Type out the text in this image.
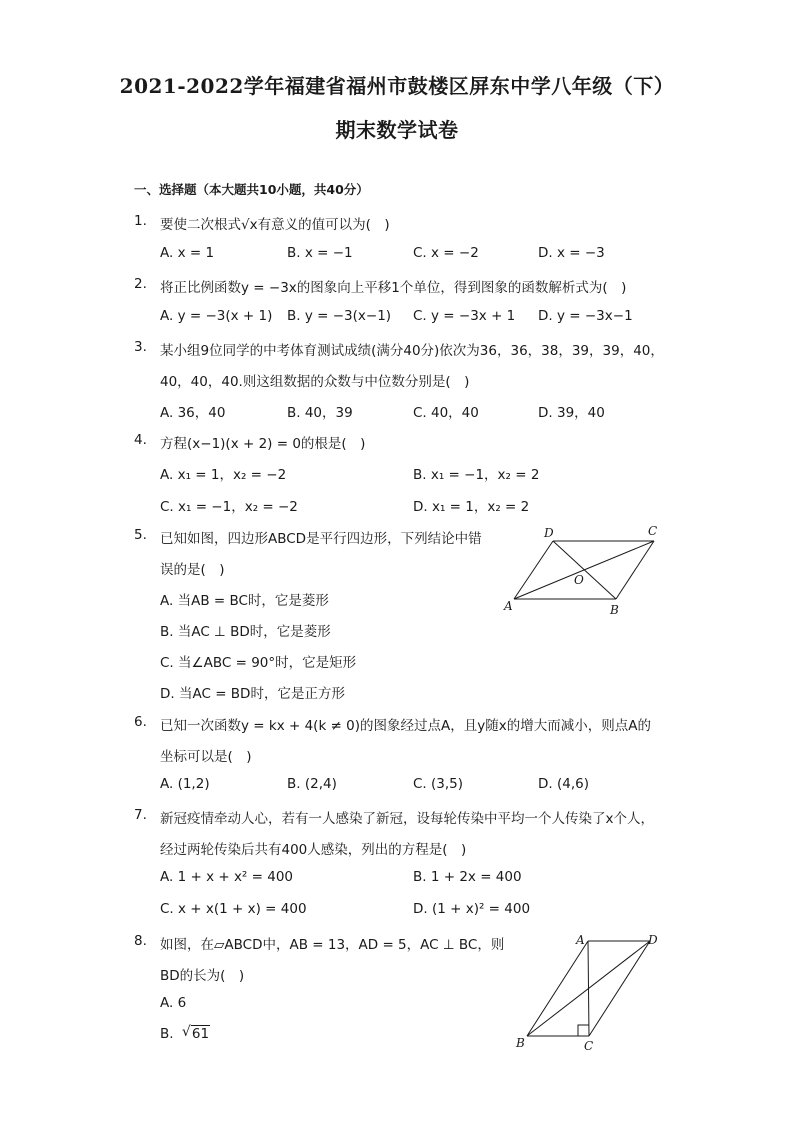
2021-2022学年福建省福州市鼓楼区屏东中学八年级（下）
期末数学试卷
一、选择题（本大题共10小题，共40分）
1. 要使二次根式√x有意义的值可以为(　)
A. x = 1	B. x = −1	C. x = −2	D. x = −3
2. 将正比例函数y = −3x的图象向上平移1个单位，得到图象的函数解析式为(　)
A. y = −3(x + 1) B. y = −3(x−1) C. y = −3x + 1 D. y = −3x−1
3. 某小组9位同学的中考体育测试成绩(满分40分)依次为36，36，38，39，39，40，
40，40，40.则这组数据的众数与中位数分别是(　)
A. 36，40	B. 40，39	C. 40，40	D. 39，40
4. 方程(x−1)(x + 2) = 0的根是(　)
A. x₁ = 1，x₂ = −2	B. x₁ = −1，x₂ = 2
C. x₁ = −1，x₂ = −2	D. x₁ = 1，x₂ = 2
5. 已知如图，四边形ABCD是平行四边形，下列结论中错
误的是(　)
A. 当AB = BC时，它是菱形
B. 当AC ⊥ BD时，它是菱形
C. 当∠ABC = 90°时，它是矩形
D. 当AC = BD时，它是正方形
A	B
C
D
O
6. 已知一次函数y = kx + 4(k ≠ 0)的图象经过点A，且y随x的增大而减小，则点A的
坐标可以是(　)
A. (1,2)	B. (2,4)	C. (3,5)	D. (4,6)
7. 新冠疫情牵动人心，若有一人感染了新冠，设每轮传染中平均一个人传染了x个人，
经过两轮传染后共有400人感染，列出的方程是(　)
A. 1 + x + x² = 400	B. 1 + 2x = 400
C. x + x(1 + x) = 400	D. (1 + x)² = 400
8. 如图，在▱ABCD中，AB = 13，AD = 5，AC ⊥ BC，则
BD的长为(　)
A. 6
B. √ 61
A	D
B	C
